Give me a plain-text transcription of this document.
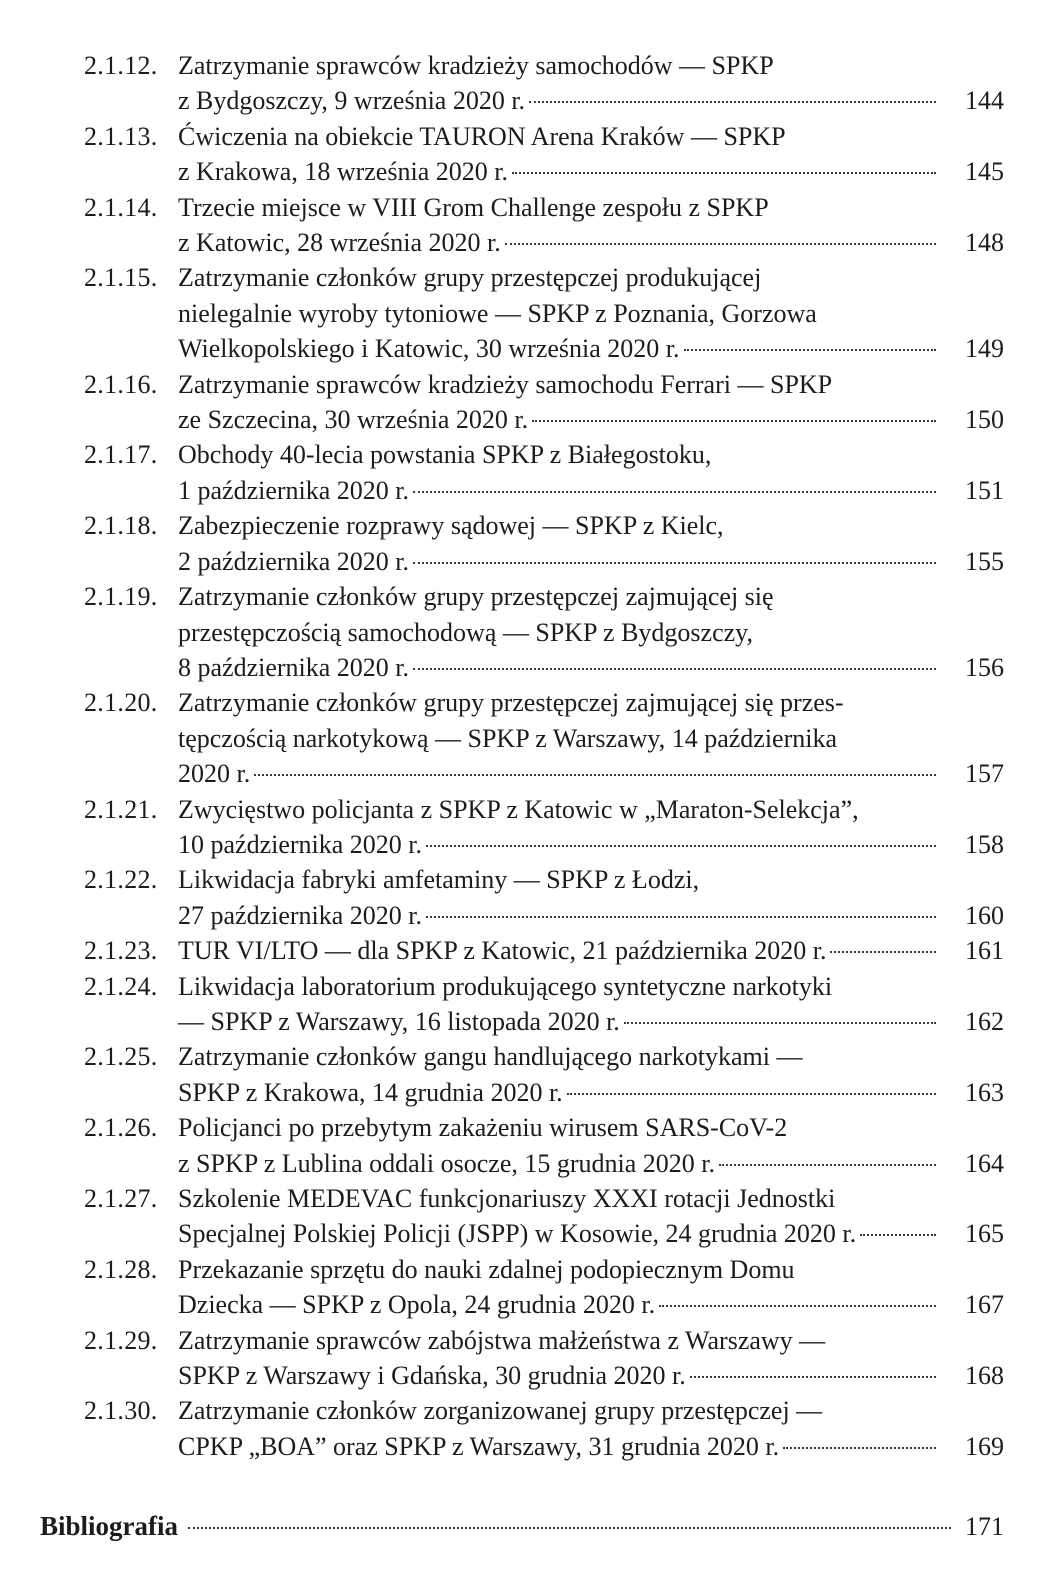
2.1.12. Zatrzymanie sprawców kradzieży samochodów — SPKP
z Bydgoszczy, 9 września 2020 r.	144
2.1.13. Ćwiczenia na obiekcie TAURON Arena Kraków — SPKP
z Krakowa, 18 września 2020 r.	145
2.1.14. Trzecie miejsce w VIII Grom Challenge zespołu z SPKP
z Katowic, 28 września 2020 r.	148
2.1.15. Zatrzymanie członków grupy przestępczej produkującej
nielegalnie wyroby tytoniowe — SPKP z Poznania, Gorzowa
Wielkopolskiego i Katowic, 30 września 2020 r.	149
2.1.16. Zatrzymanie sprawców kradzieży samochodu Ferrari — SPKP
ze Szczecina, 30 września 2020 r.	150
2.1.17. Obchody 40-lecia powstania SPKP z Białegostoku,
1 października 2020 r.	151
2.1.18. Zabezpieczenie rozprawy sądowej — SPKP z Kielc,
2 października 2020 r.	155
2.1.19. Zatrzymanie członków grupy przestępczej zajmującej się
przestępczością samochodową — SPKP z Bydgoszczy,
8 października 2020 r.	156
2.1.20. Zatrzymanie członków grupy przestępczej zajmującej się przes-
tępczością narkotykową — SPKP z Warszawy, 14 października
2020 r.	157
2.1.21. Zwycięstwo policjanta z SPKP z Katowic w „Maraton-Selekcja”,
10 października 2020 r.	158
2.1.22. Likwidacja fabryki amfetaminy — SPKP z Łodzi,
27 października 2020 r.	160
2.1.23. TUR VI/LTO — dla SPKP z Katowic, 21 października 2020 r.	161
2.1.24. Likwidacja laboratorium produkującego syntetyczne narkotyki
— SPKP z Warszawy, 16 listopada 2020 r.	162
2.1.25. Zatrzymanie członków gangu handlującego narkotykami —
SPKP z Krakowa, 14 grudnia 2020 r.	163
2.1.26. Policjanci po przebytym zakażeniu wirusem SARS-CoV-2
z SPKP z Lublina oddali osocze, 15 grudnia 2020 r.	164
2.1.27. Szkolenie MEDEVAC funkcjonariuszy XXXI rotacji Jednostki
Specjalnej Polskiej Policji (JSPP) w Kosowie, 24 grudnia 2020 r.	165
2.1.28. Przekazanie sprzętu do nauki zdalnej podopiecznym Domu
Dziecka — SPKP z Opola, 24 grudnia 2020 r.	167
2.1.29. Zatrzymanie sprawców zabójstwa małżeństwa z Warszawy —
SPKP z Warszawy i Gdańska, 30 grudnia 2020 r.	168
2.1.30. Zatrzymanie członków zorganizowanej grupy przestępczej —
CPKP „BOA” oraz SPKP z Warszawy, 31 grudnia 2020 r.	169
Bibliografia	171
